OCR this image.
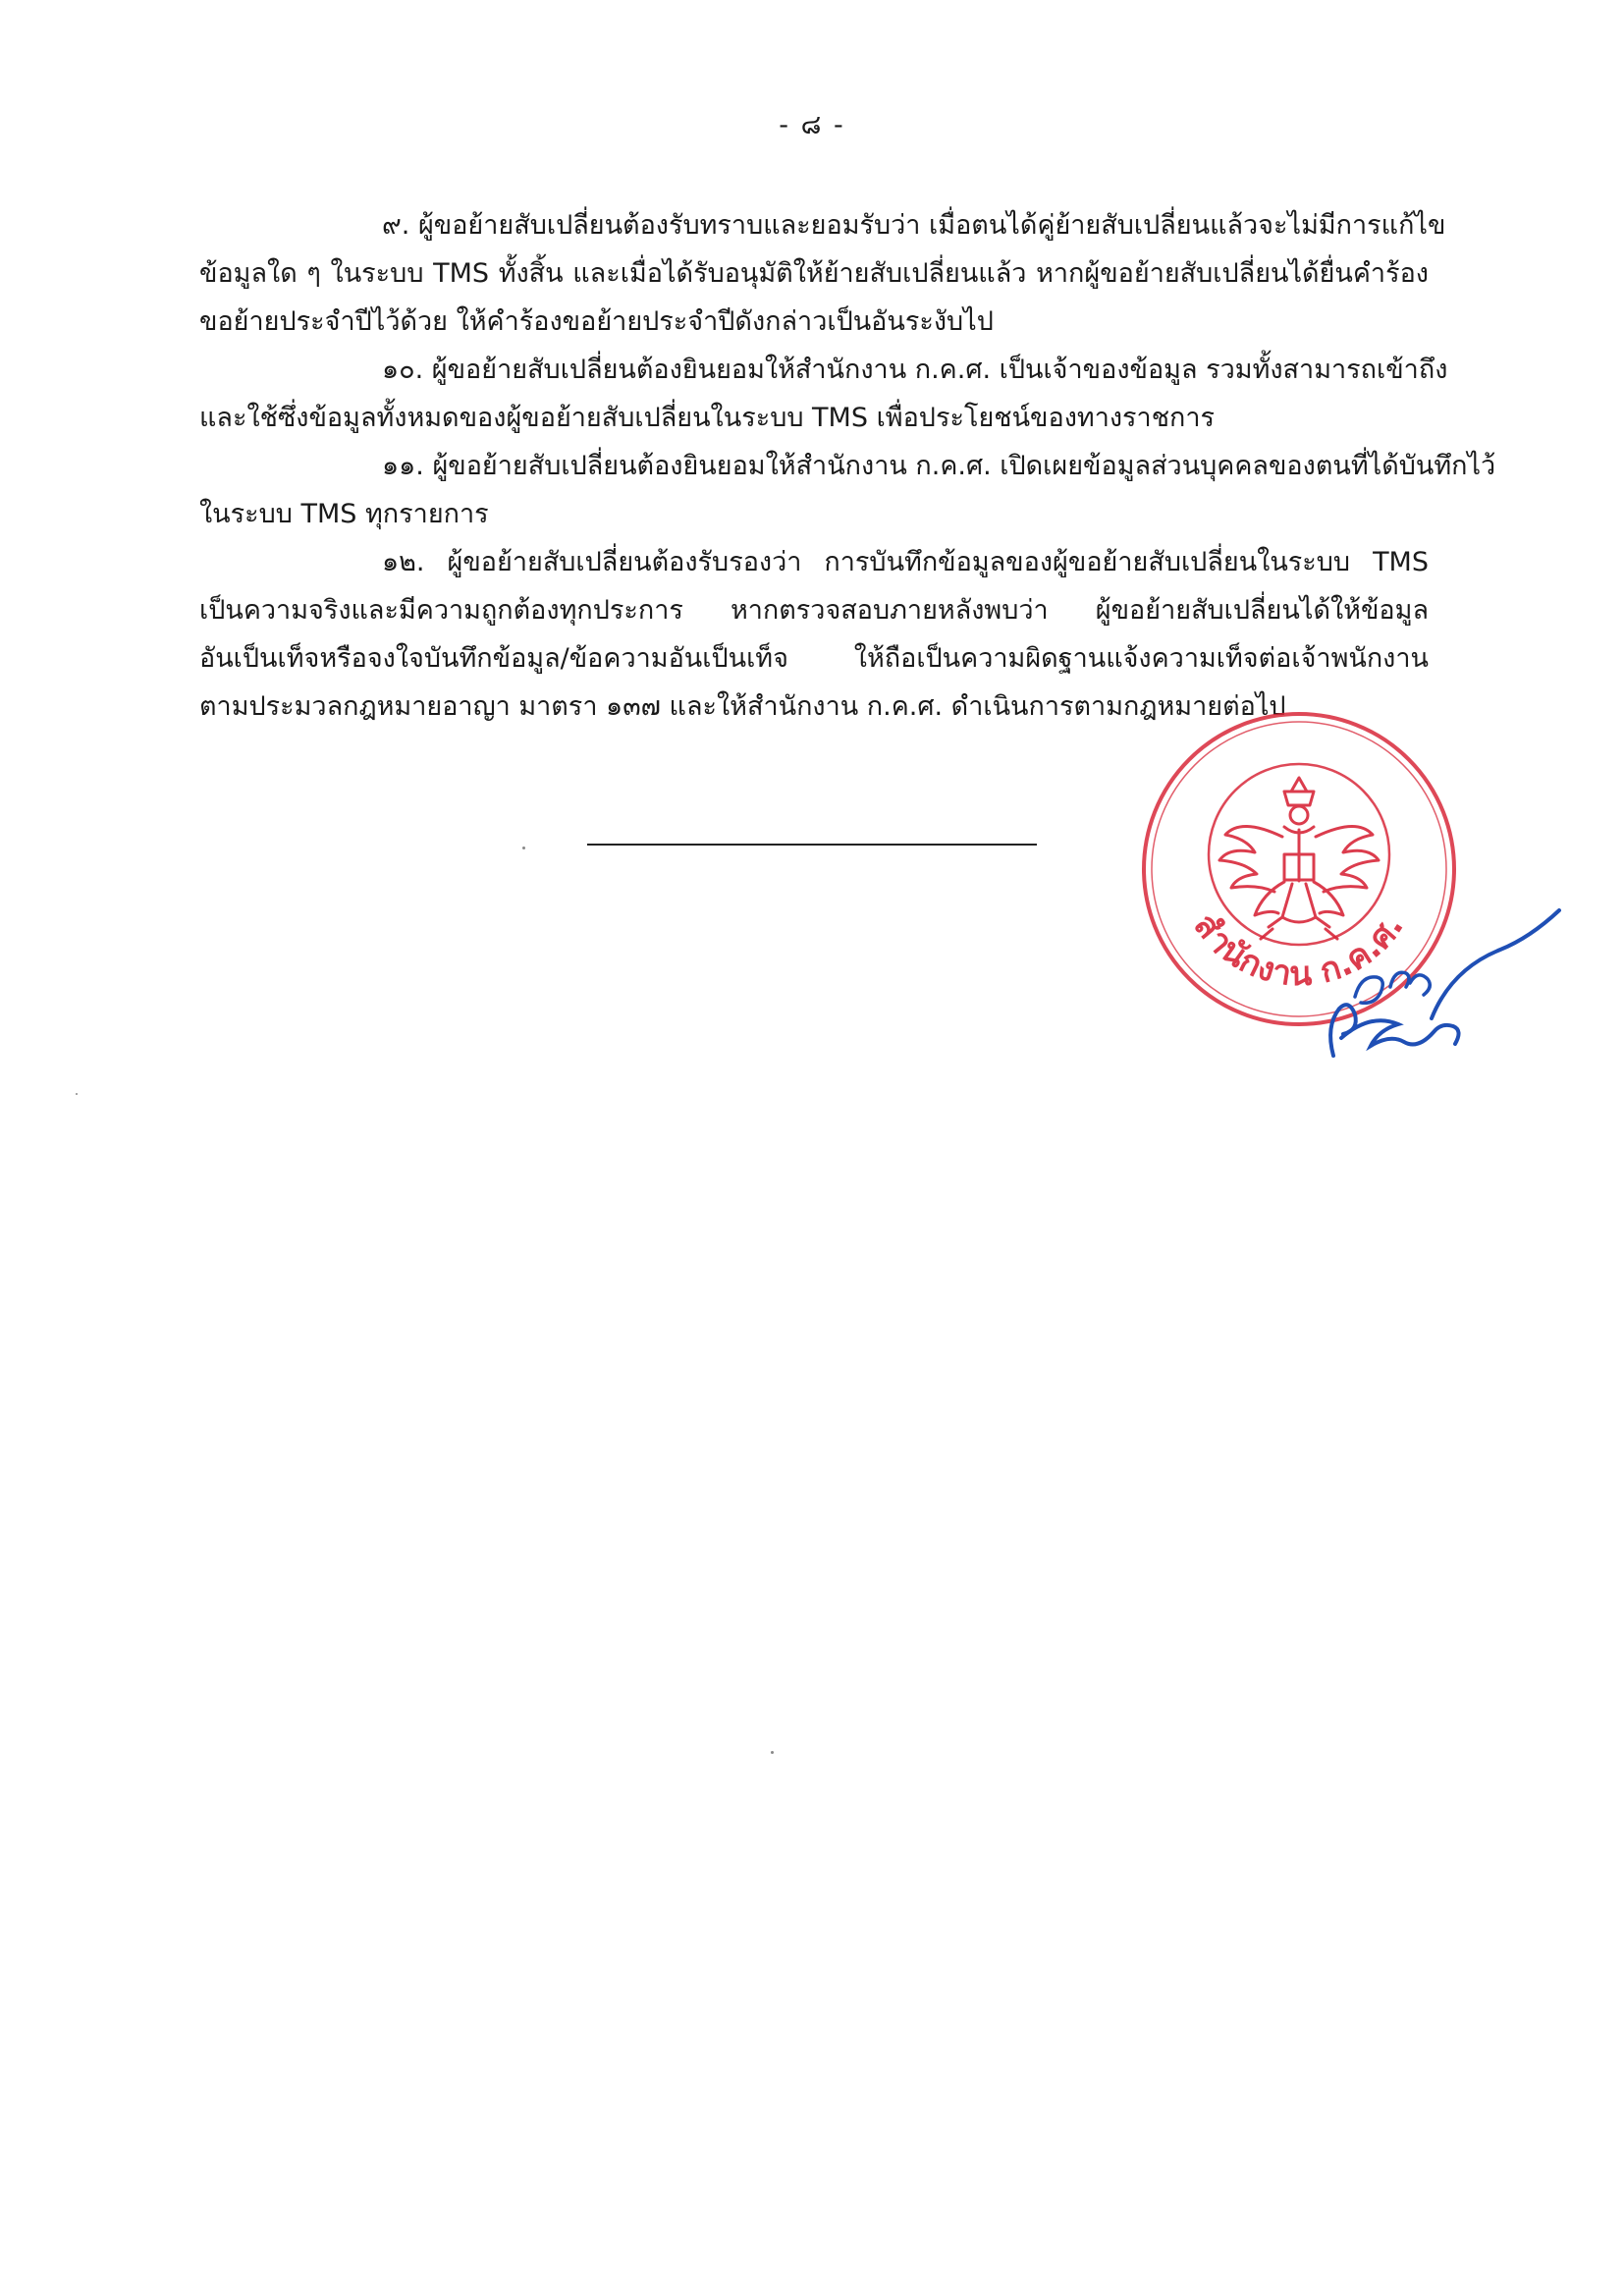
- ๘ -
๙. ผู้ขอย้ายสับเปลี่ยนต้องรับทราบและยอมรับว่า เมื่อตนได้คู่ย้ายสับเปลี่ยนแล้วจะไม่มีการแก้ไข
ข้อมูลใด ๆ ในระบบ TMS ทั้งสิ้น และเมื่อได้รับอนุมัติให้ย้ายสับเปลี่ยนแล้ว หากผู้ขอย้ายสับเปลี่ยนได้ยื่นคำร้อง
ขอย้ายประจำปีไว้ด้วย ให้คำร้องขอย้ายประจำปีดังกล่าวเป็นอันระงับไป
๑๐. ผู้ขอย้ายสับเปลี่ยนต้องยินยอมให้สำนักงาน ก.ค.ศ. เป็นเจ้าของข้อมูล รวมทั้งสามารถเข้าถึง
และใช้ซึ่งข้อมูลทั้งหมดของผู้ขอย้ายสับเปลี่ยนในระบบ TMS เพื่อประโยชน์ของทางราชการ
๑๑. ผู้ขอย้ายสับเปลี่ยนต้องยินยอมให้สำนักงาน ก.ค.ศ. เปิดเผยข้อมูลส่วนบุคคลของตนที่ได้บันทึกไว้
ในระบบ TMS ทุกรายการ
๑๒. ผู้ขอย้ายสับเปลี่ยนต้องรับรองว่า การบันทึกข้อมูลของผู้ขอย้ายสับเปลี่ยนในระบบ TMS
เป็นความจริงและมีความถูกต้องทุกประการ หากตรวจสอบภายหลังพบว่า ผู้ขอย้ายสับเปลี่ยนได้ให้ข้อมูล
อันเป็นเท็จหรือจงใจบันทึกข้อมูล/ข้อความอันเป็นเท็จ ให้ถือเป็นความผิดฐานแจ้งความเท็จต่อเจ้าพนักงาน
ตามประมวลกฎหมายอาญา มาตรา ๑๓๗ และให้สำนักงาน ก.ค.ศ. ดำเนินการตามกฎหมายต่อไป
สำนักงาน ก.ค.ศ.
